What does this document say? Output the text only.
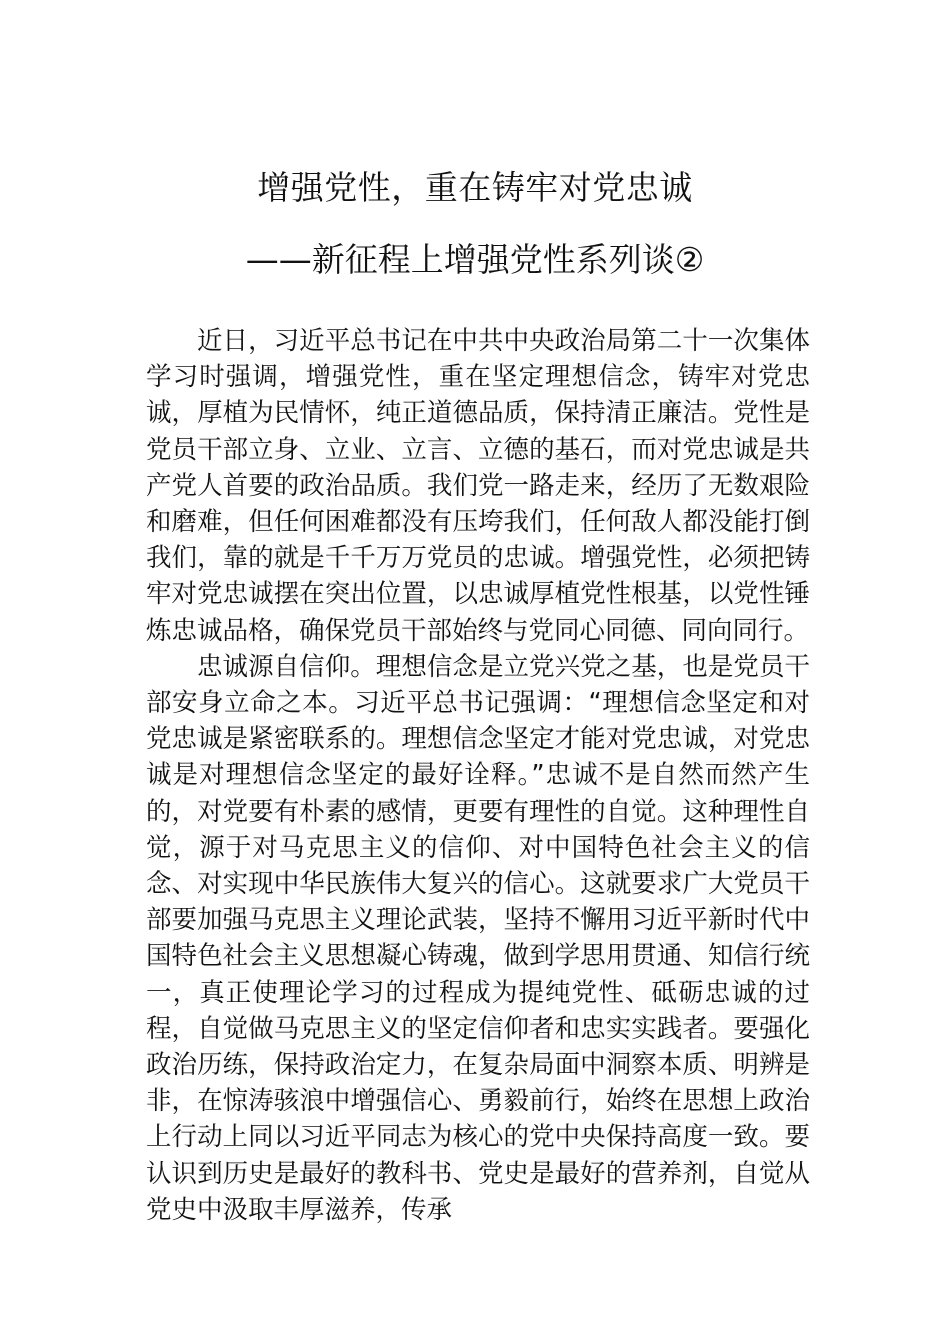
增强党性，重在铸牢对党忠诚
——新征程上增强党性系列谈②

近日，习近平总书记在中共中央政治局第二十一次集体学习时强调，增强党性，重在坚定理想信念，铸牢对党忠诚，厚植为民情怀，纯正道德品质，保持清正廉洁。党性是党员干部立身、立业、立言、立德的基石，而对党忠诚是共产党人首要的政治品质。我们党一路走来，经历了无数艰险和磨难，但任何困难都没有压垮我们，任何敌人都没能打倒我们，靠的就是千千万万党员的忠诚。增强党性，必须把铸牢对党忠诚摆在突出位置，以忠诚厚植党性根基，以党性锤炼忠诚品格，确保党员干部始终与党同心同德、同向同行。

忠诚源自信仰。理想信念是立党兴党之基，也是党员干部安身立命之本。习近平总书记强调：“理想信念坚定和对党忠诚是紧密联系的。理想信念坚定才能对党忠诚，对党忠诚是对理想信念坚定的最好诠释。”忠诚不是自然而然产生的，对党要有朴素的感情，更要有理性的自觉。这种理性自觉，源于对马克思主义的信仰、对中国特色社会主义的信念、对实现中华民族伟大复兴的信心。这就要求广大党员干部要加强马克思主义理论武装，坚持不懈用习近平新时代中国特色社会主义思想凝心铸魂，做到学思用贯通、知信行统一，真正使理论学习的过程成为提纯党性、砥砺忠诚的过程，自觉做马克思主义的坚定信仰者和忠实实践者。要强化政治历练，保持政治定力，在复杂局面中洞察本质、明辨是非，在惊涛骇浪中增强信心、勇毅前行，始终在思想上政治上行动上同以习近平同志为核心的党中央保持高度一致。要认识到历史是最好的教科书、党史是最好的营养剂，自觉从党史中汲取丰厚滋养，传承
